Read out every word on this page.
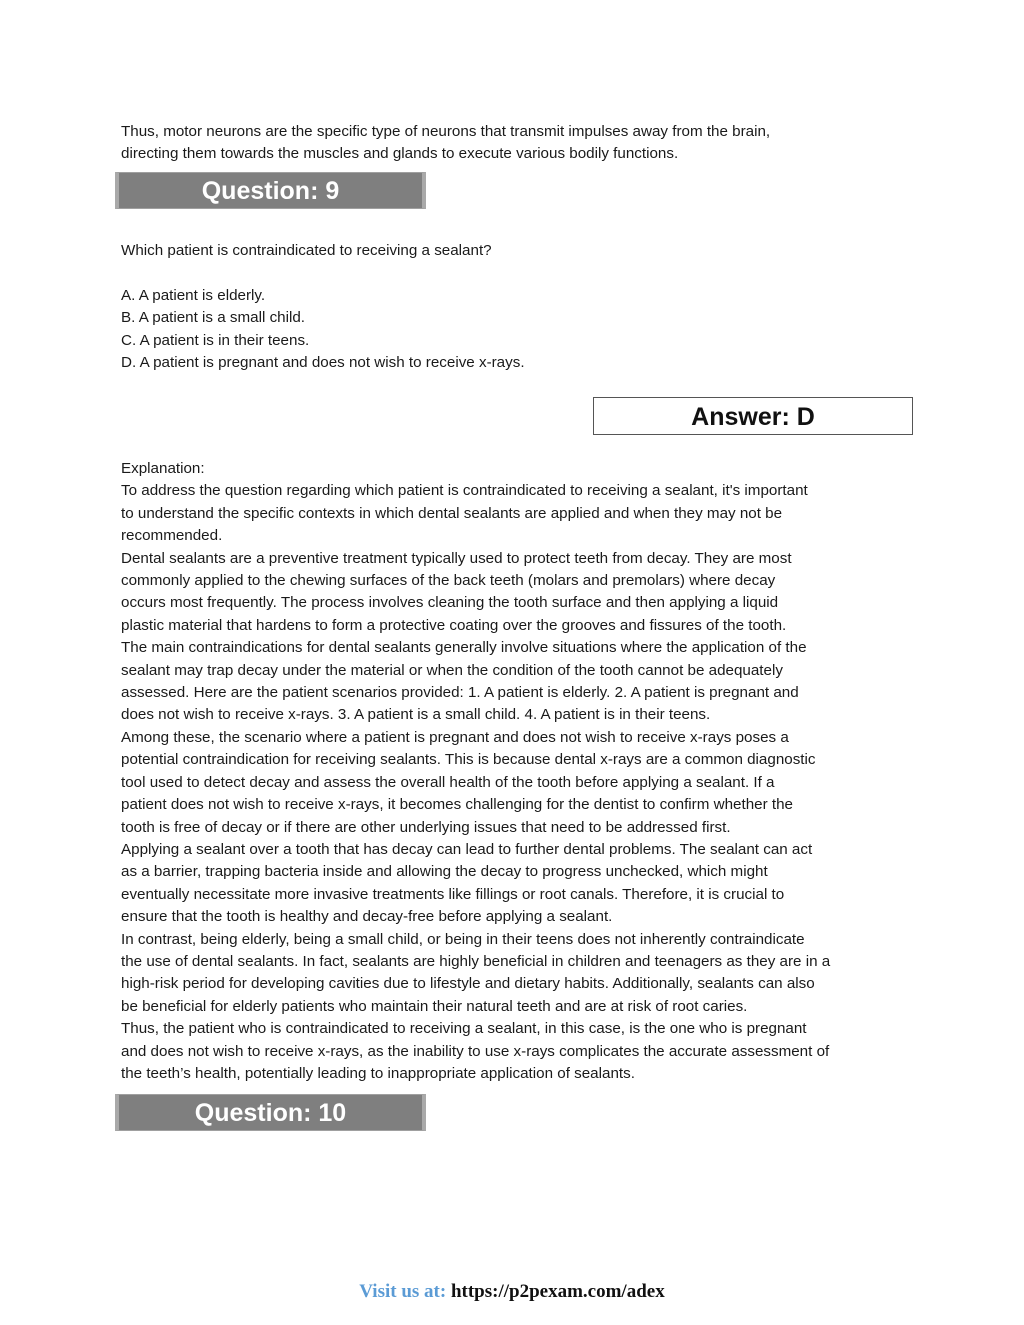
Thus, motor neurons are the specific type of neurons that transmit impulses away from the brain,

directing them towards the muscles and glands to execute various bodily functions.

Question: 9

Which patient is contraindicated to receiving a sealant?

A. A patient is elderly.

B. A patient is a small child.

C. A patient is in their teens.

D. A patient is pregnant and does not wish to receive x-rays.

Answer: D

Explanation:

To address the question regarding which patient is contraindicated to receiving a sealant, it's important

to understand the specific contexts in which dental sealants are applied and when they may not be

recommended.

Dental sealants are a preventive treatment typically used to protect teeth from decay. They are most

commonly applied to the chewing surfaces of the back teeth (molars and premolars) where decay

occurs most frequently. The process involves cleaning the tooth surface and then applying a liquid

plastic material that hardens to form a protective coating over the grooves and fissures of the tooth.

The main contraindications for dental sealants generally involve situations where the application of the

sealant may trap decay under the material or when the condition of the tooth cannot be adequately

assessed. Here are the patient scenarios provided: 1. A patient is elderly. 2. A patient is pregnant and

does not wish to receive x-rays. 3. A patient is a small child. 4. A patient is in their teens.

Among these, the scenario where a patient is pregnant and does not wish to receive x-rays poses a

potential contraindication for receiving sealants. This is because dental x-rays are a common diagnostic

tool used to detect decay and assess the overall health of the tooth before applying a sealant. If a

patient does not wish to receive x-rays, it becomes challenging for the dentist to confirm whether the

tooth is free of decay or if there are other underlying issues that need to be addressed first.

Applying a sealant over a tooth that has decay can lead to further dental problems. The sealant can act

as a barrier, trapping bacteria inside and allowing the decay to progress unchecked, which might

eventually necessitate more invasive treatments like fillings or root canals. Therefore, it is crucial to

ensure that the tooth is healthy and decay-free before applying a sealant.

In contrast, being elderly, being a small child, or being in their teens does not inherently contraindicate

the use of dental sealants. In fact, sealants are highly beneficial in children and teenagers as they are in a

high-risk period for developing cavities due to lifestyle and dietary habits. Additionally, sealants can also

be beneficial for elderly patients who maintain their natural teeth and are at risk of root caries.

Thus, the patient who is contraindicated to receiving a sealant, in this case, is the one who is pregnant

and does not wish to receive x-rays, as the inability to use x-rays complicates the accurate assessment of

the teeth’s health, potentially leading to inappropriate application of sealants.

Question: 10
Visit us at: https://p2pexam.com/adex
